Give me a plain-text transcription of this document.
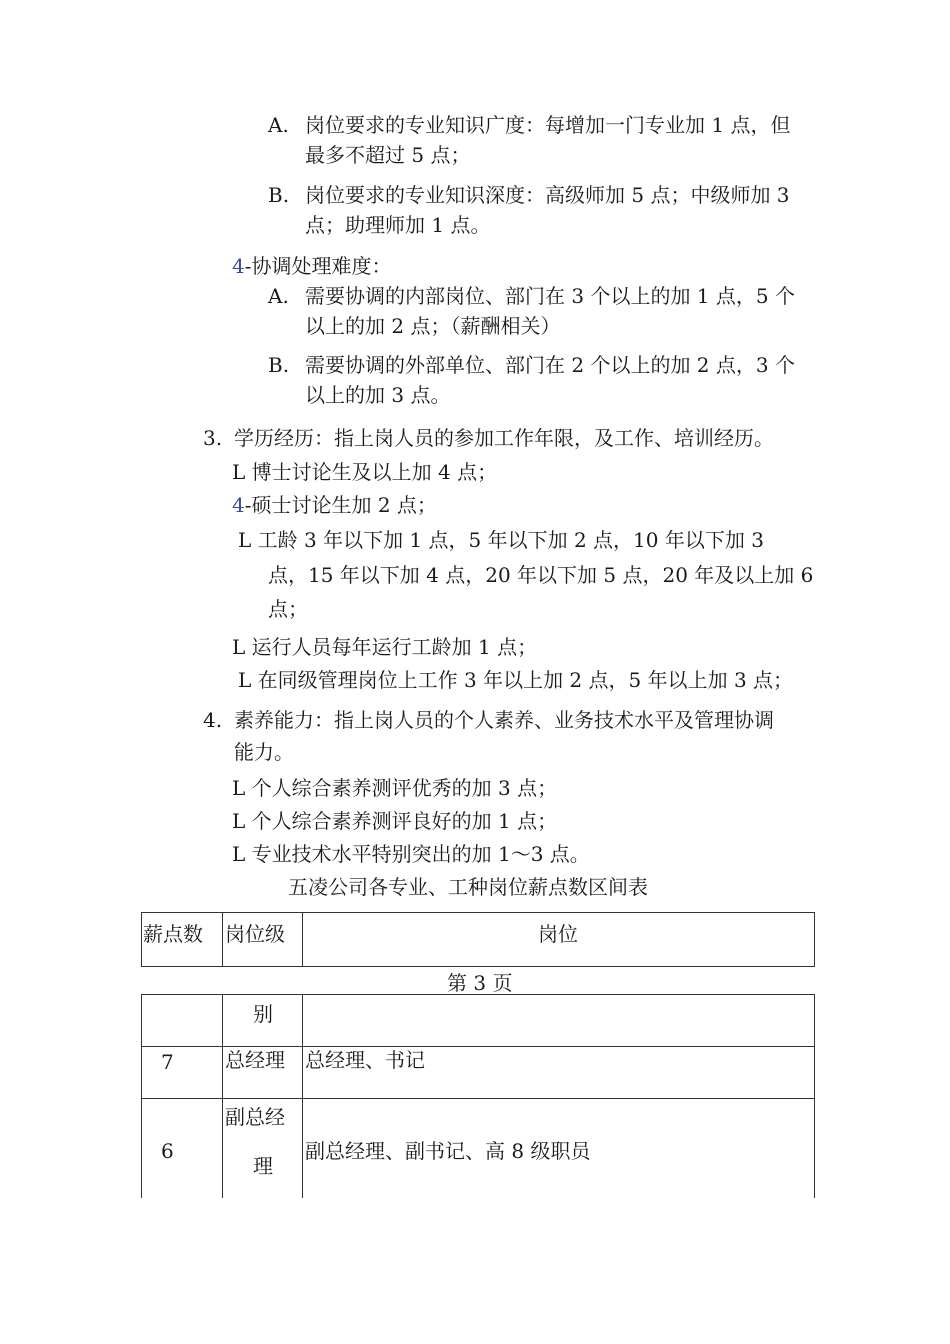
A. 岗位要求的专业知识广度：每增加一门专业加 1 点，但
最多不超过 5 点；
B. 岗位要求的专业知识深度：高级师加 5 点；中级师加 3
点；助理师加 1 点。
4-协调处理难度：
A. 需要协调的内部岗位、部门在 3 个以上的加 1 点，5 个
以上的加 2 点；（薪酬相关）
B. 需要协调的外部单位、部门在 2 个以上的加 2 点，3 个
以上的加 3 点。
3. 学历经历：指上岗人员的参加工作年限，及工作、培训经历。
L 博士讨论生及以上加 4 点；
4-硕士讨论生加 2 点；
L 工龄 3 年以下加 1 点，5 年以下加 2 点，10 年以下加 3
点，15 年以下加 4 点，20 年以下加 5 点，20 年及以上加 6
点；
L 运行人员每年运行工龄加 1 点；
L 在同级管理岗位上工作 3 年以上加 2 点，5 年以上加 3 点；
4. 素养能力：指上岗人员的个人素养、业务技术水平及管理协调
能力。
L 个人综合素养测评优秀的加 3 点；
L 个人综合素养测评良好的加 1 点；
L 专业技术水平特别突出的加 1〜3 点。
五凌公司各专业、工种岗位薪点数区间表
薪点数 岗位级	岗位
第 3 页
别
7	总经理 总经理、书记
6
副总经
理
副总经理、副书记、高 8 级职员
